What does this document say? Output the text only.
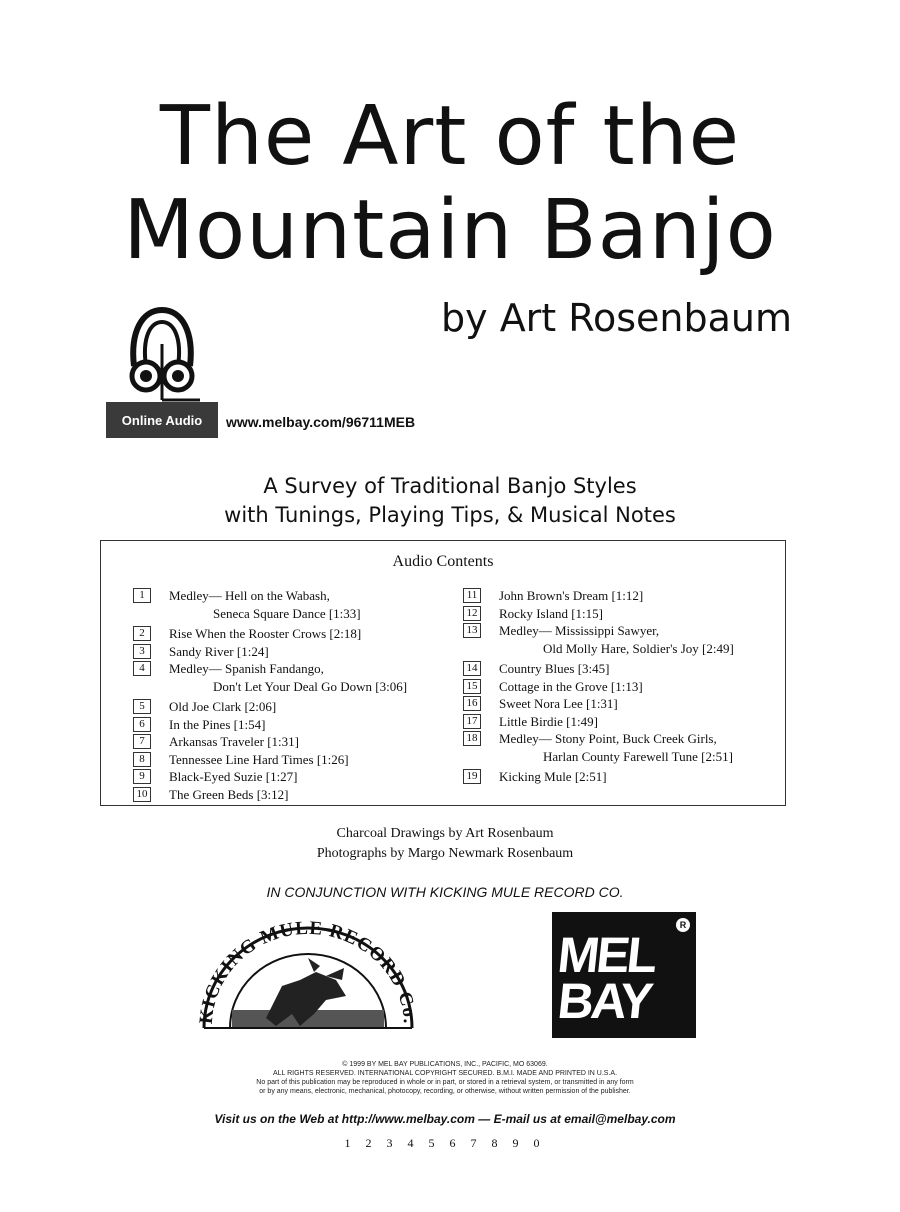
The Art of the
Mountain Banjo
by Art Rosenbaum
Online Audio	www.melbay.com/96711MEB
A Survey of Traditional Banjo Styles
with Tunings, Playing Tips, & Musical Notes
Audio Contents
1	Medley— Hell on the Wabash,
Seneca Square Dance [1:33]
2	Rise When the Rooster Crows [2:18]
3	Sandy River [1:24]
4	Medley— Spanish Fandango,
Don't Let Your Deal Go Down [3:06]
5	Old Joe Clark [2:06]
6	In the Pines [1:54]
7	Arkansas Traveler [1:31]
8	Tennessee Line Hard Times [1:26]
9	Black-Eyed Suzie [1:27]
10 The Green Beds [3:12]
11 John Brown's Dream [1:12]
12 Rocky Island [1:15]
13 Medley— Mississippi Sawyer,
Old Molly Hare, Soldier's Joy [2:49]
14 Country Blues [3:45]
15 Cottage in the Grove [1:13]
16 Sweet Nora Lee [1:31]
17 Little Birdie [1:49]
18 Medley— Stony Point, Buck Creek Girls,
Harlan County Farewell Tune [2:51]
19 Kicking Mule [2:51]
Charcoal Drawings by Art Rosenbaum
Photographs by Margo Newmark Rosenbaum
IN CONJUNCTION WITH KICKING MULE RECORD CO.
KICKING MULE RECORD Co.
R
MEL
BAY
© 1999 BY MEL BAY PUBLICATIONS, INC., PACIFIC, MO 63069.
ALL RIGHTS RESERVED. INTERNATIONAL COPYRIGHT SECURED. B.M.I. MADE AND PRINTED IN U.S.A.
No part of this publication may be reproduced in whole or in part, or stored in a retrieval system, or transmitted in any form
or by any means, electronic, mechanical, photocopy, recording, or otherwise, without written permission of the publisher.
Visit us on the Web at http://www.melbay.com — E-mail us at email@melbay.com
1 2 3 4 5 6 7 8 9 0
